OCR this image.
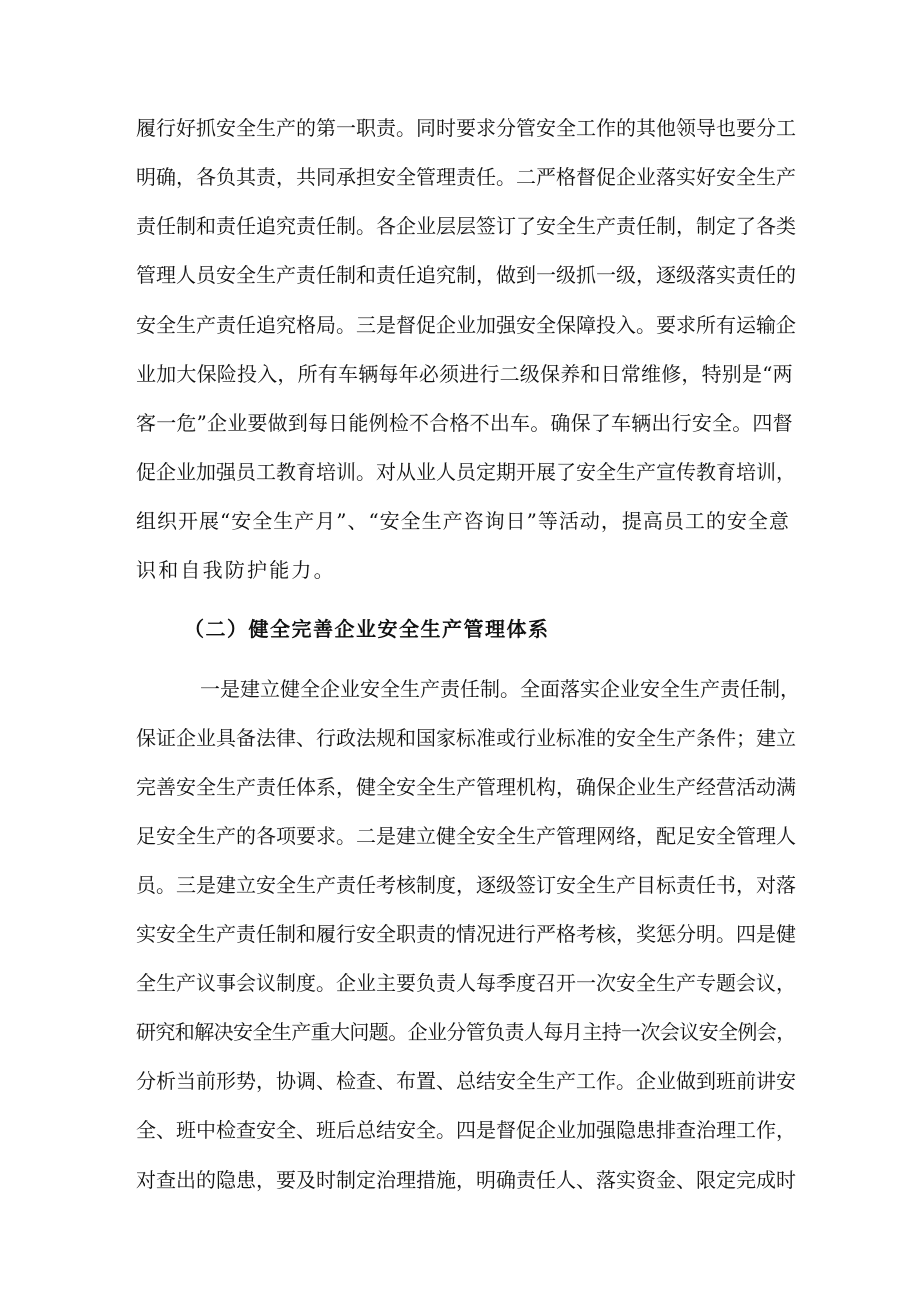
履行好抓安全生产的第一职责。同时要求分管安全工作的其他领导也要分工
明确，各负其责，共同承担安全管理责任。二严格督促企业落实好安全生产
责任制和责任追究责任制。各企业层层签订了安全生产责任制，制定了各类
管理人员安全生产责任制和责任追究制，做到一级抓一级，逐级落实责任的
安全生产责任追究格局。三是督促企业加强安全保障投入。要求所有运输企
业加大保险投入，所有车辆每年必须进行二级保养和日常维修，特别是“两
客一危”企业要做到每日能例检不合格不出车。确保了车辆出行安全。四督
促企业加强员工教育培训。对从业人员定期开展了安全生产宣传教育培训，
组织开展“安全生产月”、“安全生产咨询日”等活动，提高员工的安全意
识和自我防护能力。
（二）健全完善企业安全生产管理体系
一是建立健全企业安全生产责任制。全面落实企业安全生产责任制，
保证企业具备法律、行政法规和国家标准或行业标准的安全生产条件；建立
完善安全生产责任体系，健全安全生产管理机构，确保企业生产经营活动满
足安全生产的各项要求。二是建立健全安全生产管理网络，配足安全管理人
员。三是建立安全生产责任考核制度，逐级签订安全生产目标责任书，对落
实安全生产责任制和履行安全职责的情况进行严格考核，奖惩分明。四是健
全生产议事会议制度。企业主要负责人每季度召开一次安全生产专题会议，
研究和解决安全生产重大问题。企业分管负责人每月主持一次会议安全例会，
分析当前形势，协调、检查、布置、总结安全生产工作。企业做到班前讲安
全、班中检查安全、班后总结安全。四是督促企业加强隐患排查治理工作，
对查出的隐患，要及时制定治理措施，明确责任人、落实资金、限定完成时
